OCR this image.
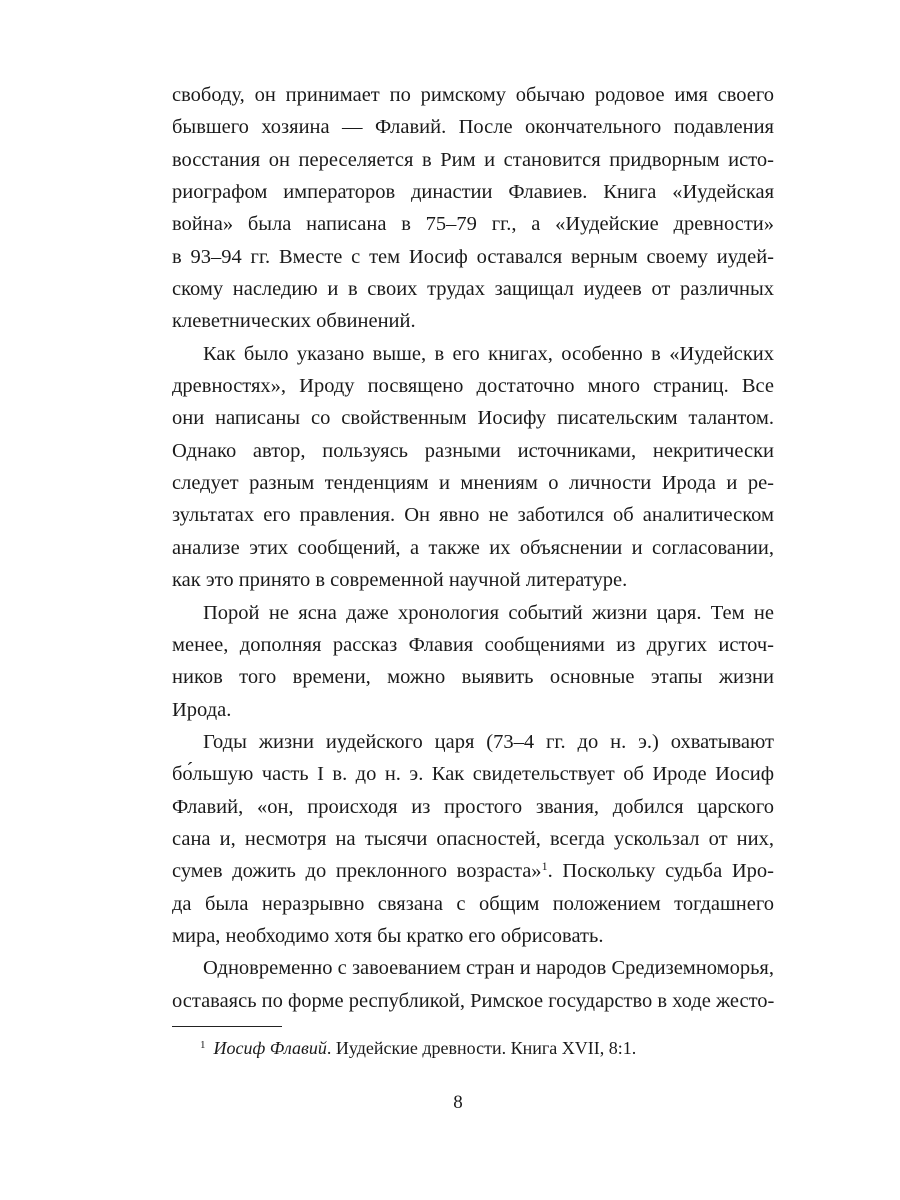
свободу, он принимает по римскому обычаю родовое имя своего
бывшего хозяина — Флавий. После окончательного подавления
восстания он переселяется в Рим и становится придворным исто-
риографом императоров династии Флавиев. Книга «Иудейская
война» была написана в 75–79 гг., а «Иудейские древности»
в 93–94 гг. Вместе с тем Иосиф оставался верным своему иудей-
скому наследию и в своих трудах защищал иудеев от различных
клеветнических обвинений.
Как было указано выше, в его книгах, особенно в «Иудейских
древностях», Ироду посвящено достаточно много страниц. Все
они написаны со свойственным Иосифу писательским талантом.
Однако автор, пользуясь разными источниками, некритически
следует разным тенденциям и мнениям о личности Ирода и ре-
зультатах его правления. Он явно не заботился об аналитическом
анализе этих сообщений, а также их объяснении и согласовании,
как это принято в современной научной литературе.
Порой не ясна даже хронология событий жизни царя. Тем не
менее, дополняя рассказ Флавия сообщениями из других источ-
ников того времени, можно выявить основные этапы жизни
Ирода.
Годы жизни иудейского царя (73–4 гг. до н. э.) охватывают
бо́льшую часть I в. до н. э. Как свидетельствует об Ироде Иосиф
Флавий, «он, происходя из простого звания, добился царского
сана и, несмотря на тысячи опасностей, всегда ускользал от них,
сумев дожить до преклонного возраста»$^1$. Поскольку судьба Иро-
да была неразрывно связана с общим положением тогдашнего
мира, необходимо хотя бы кратко его обрисовать.
Одновременно с завоеванием стран и народов Средиземноморья,
оставаясь по форме республикой, Римское государство в ходе жесто-
$^1$ Иосиф Флавий. Иудейские древности. Книга XVII, 8:1.
8
